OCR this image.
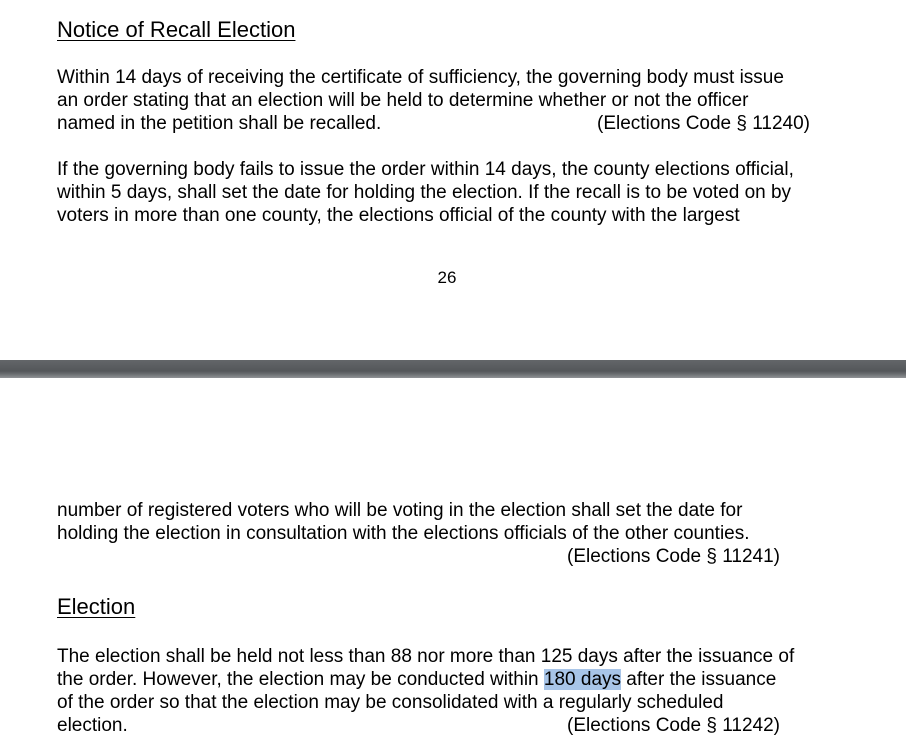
Notice of Recall Election
Within 14 days of receiving the certificate of sufficiency, the governing body must issue
an order stating that an election will be held to determine whether or not the officer
named in the petition shall be recalled.	(Elections Code § 11240)
If the governing body fails to issue the order within 14 days, the county elections official,
within 5 days, shall set the date for holding the election. If the recall is to be voted on by
voters in more than one county, the elections official of the county with the largest
26
number of registered voters who will be voting in the election shall set the date for
holding the election in consultation with the elections officials of the other counties.
(Elections Code § 11241)
Election
The election shall be held not less than 88 nor more than 125 days after the issuance of
the order. However, the election may be conducted within 180 days after the issuance
of the order so that the election may be consolidated with a regularly scheduled
election.	(Elections Code § 11242)
